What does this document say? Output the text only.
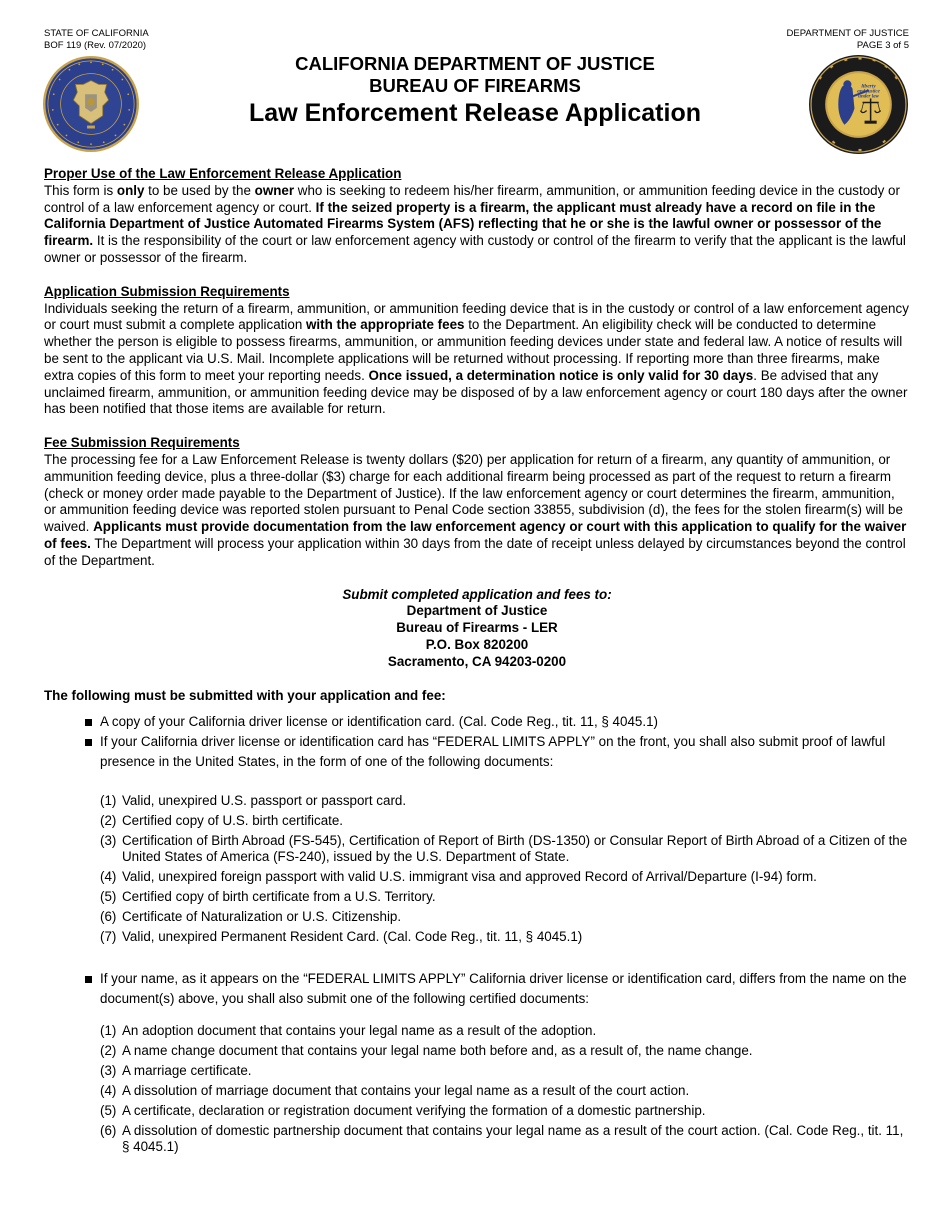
STATE OF CALIFORNIA
BOF 119 (Rev. 07/2020)
DEPARTMENT OF JUSTICE
PAGE 3 of 5
liberty
and justice
under law
CALIFORNIA DEPARTMENT OF JUSTICE
BUREAU OF FIREARMS
Law Enforcement Release Application
Proper Use of the Law Enforcement Release Application
This form is only to be used by the owner who is seeking to redeem his/her firearm, ammunition, or ammunition feeding device in the custody or control of a law enforcement agency or court. If the seized property is a firearm, the applicant must already have a record on file in the California Department of Justice Automated Firearms System (AFS) reflecting that he or she is the lawful owner or possessor of the firearm. It is the responsibility of the court or law enforcement agency with custody or control of the firearm to verify that the applicant is the lawful owner or possessor of the firearm.
Application Submission Requirements
Individuals seeking the return of a firearm, ammunition, or ammunition feeding device that is in the custody or control of a law enforcement agency or court must submit a complete application with the appropriate fees to the Department. An eligibility check will be conducted to determine whether the person is eligible to possess firearms, ammunition, or ammunition feeding devices under state and federal law. A notice of results will be sent to the applicant via U.S. Mail. Incomplete applications will be returned without processing. If reporting more than three firearms, make extra copies of this form to meet your reporting needs. Once issued, a determination notice is only valid for 30 days. Be advised that any unclaimed firearm, ammunition, or ammunition feeding device may be disposed of by a law enforcement agency or court 180 days after the owner has been notified that those items are available for return.
Fee Submission Requirements
The processing fee for a Law Enforcement Release is twenty dollars ($20) per application for return of a firearm, any quantity of ammunition, or ammunition feeding device, plus a three-dollar ($3) charge for each additional firearm being processed as part of the request to return a firearm (check or money order made payable to the Department of Justice). If the law enforcement agency or court determines the firearm, ammunition, or ammunition feeding device was reported stolen pursuant to Penal Code section 33855, subdivision (d), the fees for the stolen firearm(s) will be waived. Applicants must provide documentation from the law enforcement agency or court with this application to qualify for the waiver of fees. The Department will process your application within 30 days from the date of receipt unless delayed by circumstances beyond the control of the Department.
Submit completed application and fees to:
Department of Justice
Bureau of Firearms - LER
P.O. Box 820200
Sacramento, CA 94203-0200
The following must be submitted with your application and fee:
A copy of your California driver license or identification card. (Cal. Code Reg., tit. 11, § 4045.1)
If your California driver license or identification card has “FEDERAL LIMITS APPLY” on the front, you shall also submit proof of lawful presence in the United States, in the form of one of the following documents:
(1) Valid, unexpired U.S. passport or passport card.
(2) Certified copy of U.S. birth certificate.
(3) Certification of Birth Abroad (FS-545), Certification of Report of Birth (DS-1350) or Consular Report of Birth Abroad of a Citizen of the United States of America (FS-240), issued by the U.S. Department of State.
(4) Valid, unexpired foreign passport with valid U.S. immigrant visa and approved Record of Arrival/Departure (I-94) form.
(5) Certified copy of birth certificate from a U.S. Territory.
(6) Certificate of Naturalization or U.S. Citizenship.
(7) Valid, unexpired Permanent Resident Card. (Cal. Code Reg., tit. 11, § 4045.1)
If your name, as it appears on the “FEDERAL LIMITS APPLY” California driver license or identification card, differs from the name on the document(s) above, you shall also submit one of the following certified documents:
(1) An adoption document that contains your legal name as a result of the adoption.
(2) A name change document that contains your legal name both before and, as a result of, the name change.
(3) A marriage certificate.
(4) A dissolution of marriage document that contains your legal name as a result of the court action.
(5) A certificate, declaration or registration document verifying the formation of a domestic partnership.
(6) A dissolution of domestic partnership document that contains your legal name as a result of the court action. (Cal. Code Reg., tit. 11, § 4045.1)
